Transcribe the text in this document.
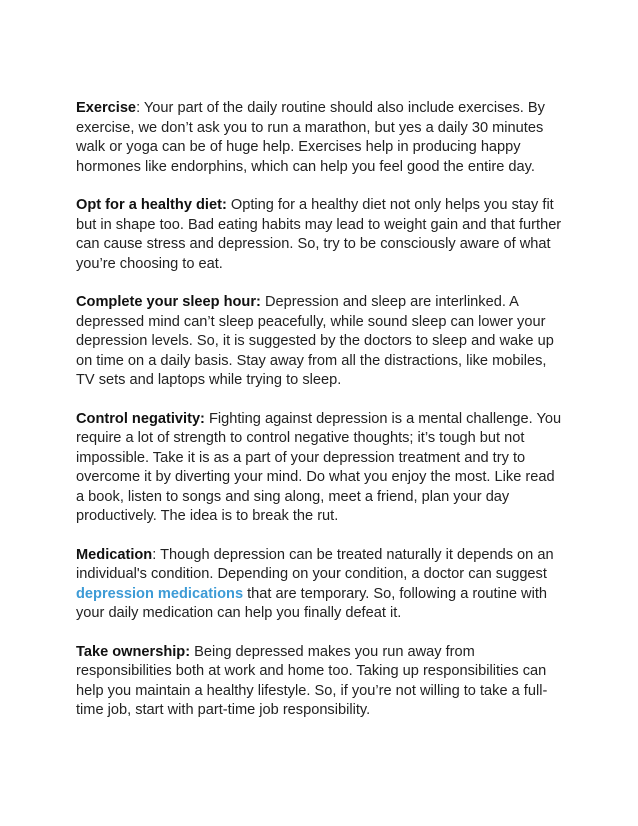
Exercise: Your part of the daily routine should also include exercises. By exercise, we don’t ask you to run a marathon, but yes a daily 30 minutes walk or yoga can be of huge help. Exercises help in producing happy hormones like endorphins, which can help you feel good the entire day.

Opt for a healthy diet: Opting for a healthy diet not only helps you stay fit but in shape too. Bad eating habits may lead to weight gain and that further can cause stress and depression. So, try to be consciously aware of what you’re choosing to eat.

Complete your sleep hour: Depression and sleep are interlinked. A depressed mind can’t sleep peacefully, while sound sleep can lower your depression levels. So, it is suggested by the doctors to sleep and wake up on time on a daily basis. Stay away from all the distractions, like mobiles, TV sets and laptops while trying to sleep.

Control negativity: Fighting against depression is a mental challenge. You require a lot of strength to control negative thoughts; it’s tough but not impossible. Take it is as a part of your depression treatment and try to overcome it by diverting your mind. Do what you enjoy the most. Like read a book, listen to songs and sing along, meet a friend, plan your day productively. The idea is to break the rut.

Medication: Though depression can be treated naturally it depends on an individual's condition. Depending on your condition, a doctor can suggest depression medications that are temporary. So, following a routine with your daily medication can help you finally defeat it.

Take ownership: Being depressed makes you run away from responsibilities both at work and home too. Taking up responsibilities can help you maintain a healthy lifestyle. So, if you’re not willing to take a full-time job, start with part-time job responsibility.
